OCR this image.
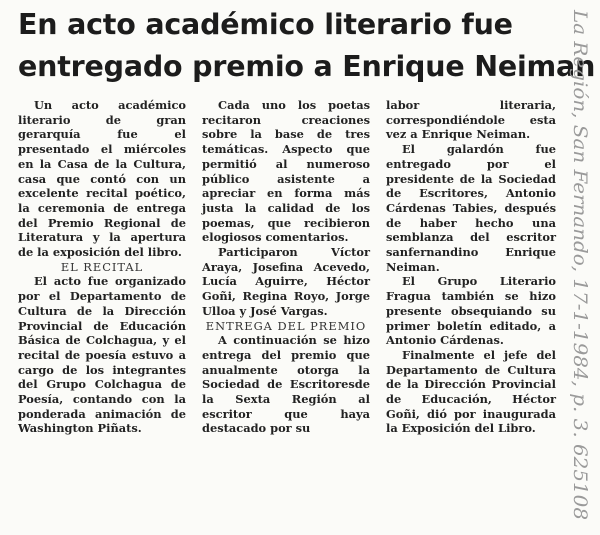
En acto académico literario fue
entregado premio a Enrique Neiman

Un acto académico literario de gran gerarquía fue el presentado el miércoles en la Casa de la Cultura, casa que contó con un excelente recital poético, la ceremonia de entrega del Premio Regional de Literatura y la apertura de la exposición del libro.

EL RECITAL

El acto fue organizado por el Departamento de Cultura de la Dirección Provincial de Educación Básica de Colchagua, y el recital de poesía estuvo a cargo de los integrantes del Grupo Colchagua de Poesía, contando con la ponderada animación de Washington Piñats.

Cada uno los poetas recitaron creaciones sobre la base de tres temáticas. Aspecto que permitió al numeroso público asistente a apreciar en forma más justa la calidad de los poemas, que recibieron elogiosos comentarios.

Participaron Víctor Araya, Josefina Acevedo, Lucía Aguirre, Héctor Goñi, Regina Royo, Jorge Ulloa y José Vargas.

ENTREGA DEL PREMIO

A continuación se hizo entrega del premio que anualmente otorga la Sociedad de Escritoresde la Sexta Región al escritor que haya destacado por su

labor literaria, correspondiéndole esta vez a Enrique Neiman.

El galardón fue entregado por el presidente de la Sociedad de Escritores, Antonio Cárdenas Tabies, después de haber hecho una semblanza del escritor sanfernandino Enrique Neiman.

El Grupo Literario Fragua también se hizo presente obsequiando su primer boletín editado, a Antonio Cárdenas.

Finalmente el jefe del Departamento de Cultura de la Dirección Provincial de Educación, Héctor Goñi, dió por inaugurada la Exposición del Libro.	La Región, San Fernando, 17-1-1984, p. 3. 625108
